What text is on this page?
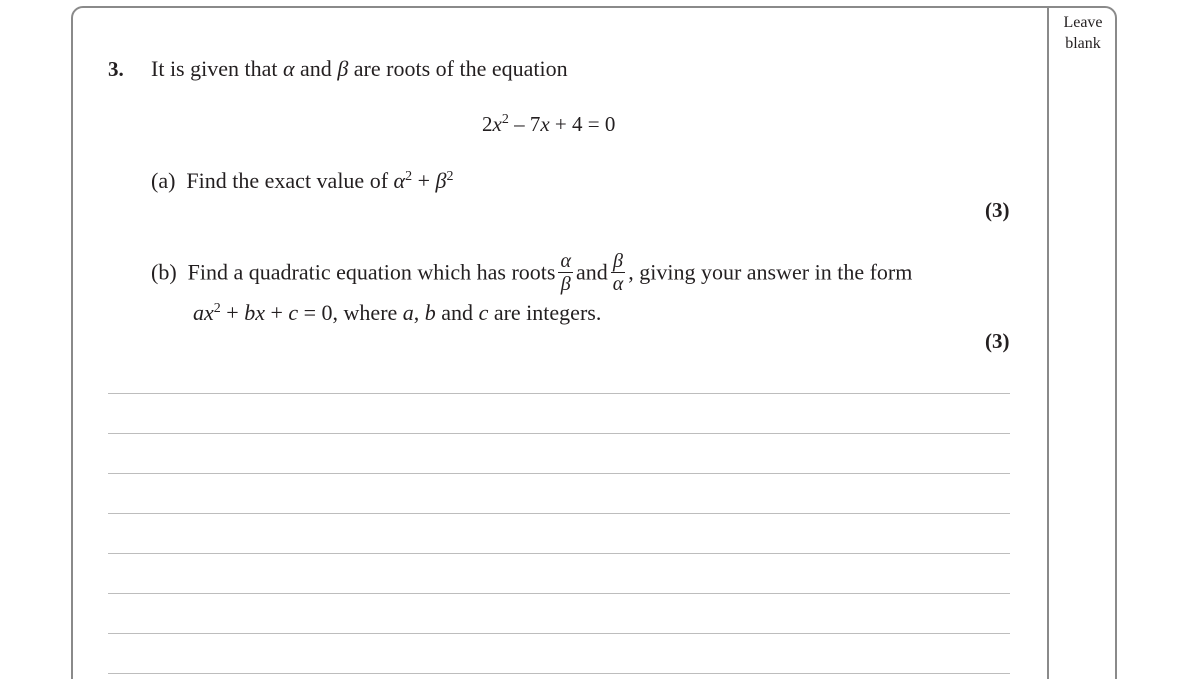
Leave
blank
3. It is given that α and β are roots of the equation
$2x^2 - 7x + 4 = 0$
(a) Find the exact value of $\alpha^2 + \beta^2$
(3)
(b) Find a quadratic equation which has roots $\frac{\alpha}{\beta}$ and $\frac{\beta}{\alpha}$ , giving your answer in the form
$ax^2$ + bx + c = 0, where a, b and c are integers.
(3)
